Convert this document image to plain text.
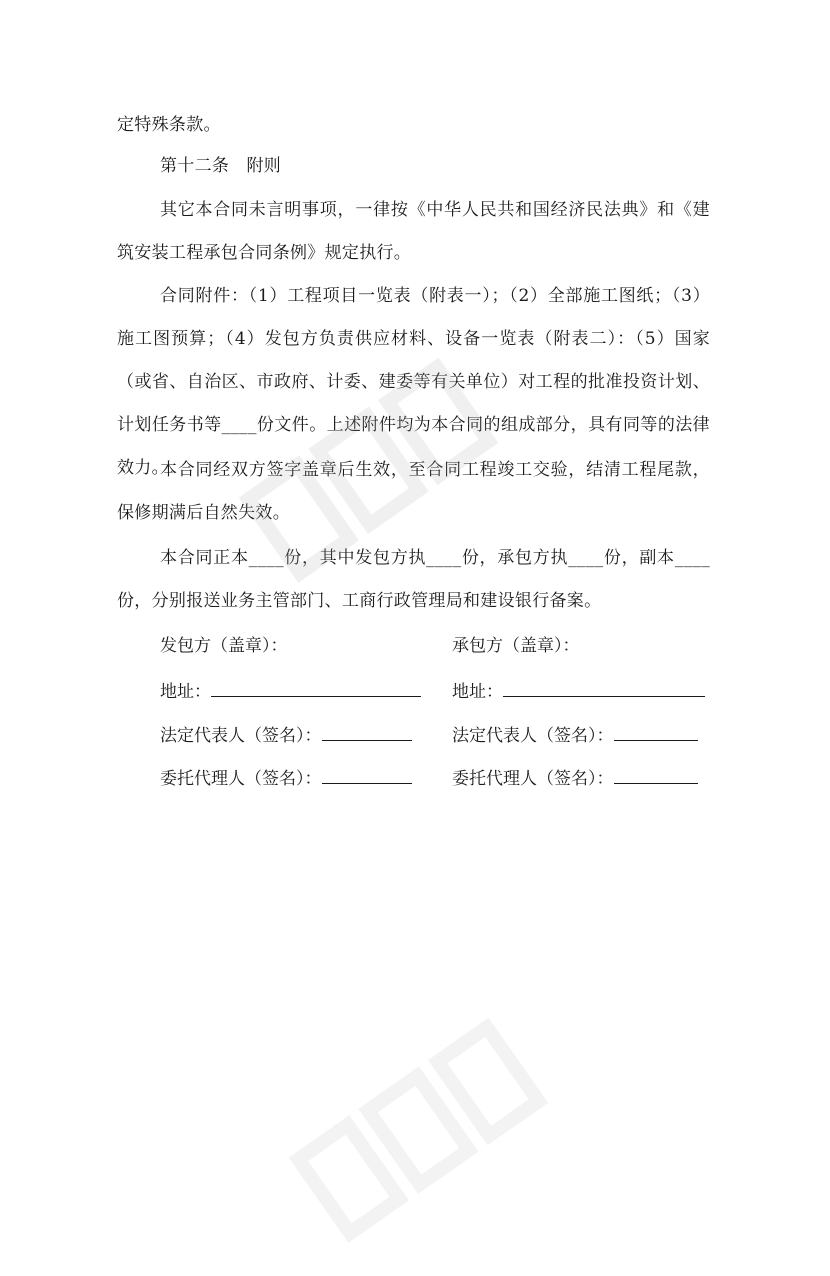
定特殊条款。
第十二条　附则
其它本合同未言明事项，一律按《中华人民共和国经济民法典》和《建筑安装工程承包合同条例》规定执行。
合同附件：（1）工程项目一览表（附表一）；（2）全部施工图纸；（3）施工图预算；（4）发包方负责供应材料、设备一览表（附表二）：（5）国家（或省、自治区、市政府、计委、建委等有关单位）对工程的批准投资计划、计划任务书等____份文件。上述附件均为本合同的组成部分，具有同等的法律效力。
本合同经双方签字盖章后生效，至合同工程竣工交验，结清工程尾款，保修期满后自然失效。
本合同正本____份，其中发包方执____份，承包方执____份，副本____份，分别报送业务主管部门、工商行政管理局和建设银行备案。
发包方（盖章）：
地址：
法定代表人（签名）：
委托代理人（签名）：
承包方（盖章）：
地址：
法定代表人（签名）：
委托代理人（签名）：
